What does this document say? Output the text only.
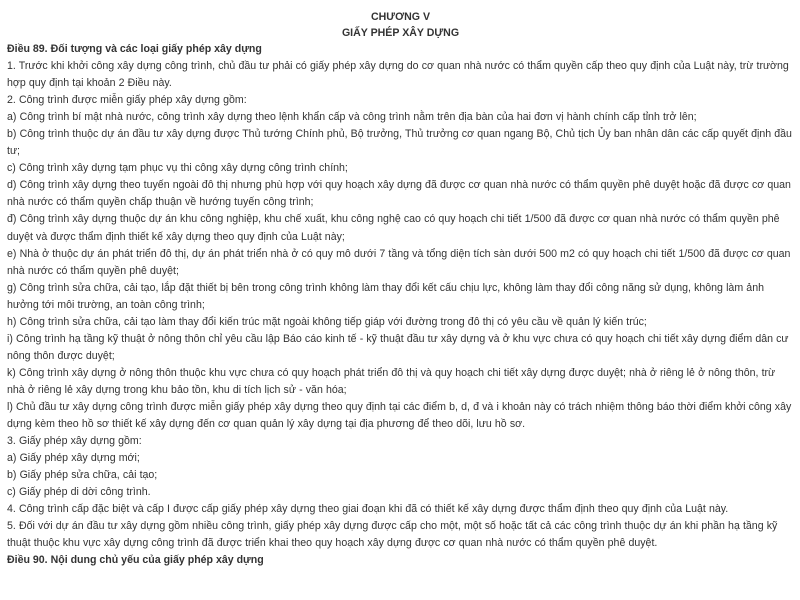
CHƯƠNG V
GIẤY PHÉP XÂY DỰNG
Điều 89. Đối tượng và các loại giấy phép xây dựng

1. Trước khi khởi công xây dựng công trình, chủ đầu tư phải có giấy phép xây dựng do cơ quan nhà nước có thẩm quyền cấp theo quy định của Luật này, trừ trường hợp quy định tại khoản 2 Điều này.

2. Công trình được miễn giấy phép xây dựng gồm:

a) Công trình bí mật nhà nước, công trình xây dựng theo lệnh khẩn cấp và công trình nằm trên địa bàn của hai đơn vị hành chính cấp tỉnh trở lên;

b) Công trình thuộc dự án đầu tư xây dựng được Thủ tướng Chính phủ, Bộ trưởng, Thủ trưởng cơ quan ngang Bộ, Chủ tịch Ủy ban nhân dân các cấp quyết định đầu tư;

c) Công trình xây dựng tạm phục vụ thi công xây dựng công trình chính;

d) Công trình xây dựng theo tuyến ngoài đô thị nhưng phù hợp với quy hoạch xây dựng đã được cơ quan nhà nước có thẩm quyền phê duyệt hoặc đã được cơ quan nhà nước có thẩm quyền chấp thuận về hướng tuyến công trình;

đ) Công trình xây dựng thuộc dự án khu công nghiệp, khu chế xuất, khu công nghệ cao có quy hoạch chi tiết 1/500 đã được cơ quan nhà nước có thẩm quyền phê duyệt và được thẩm định thiết kế xây dựng theo quy định của Luật này;

e) Nhà ở thuộc dự án phát triển đô thị, dự án phát triển nhà ở có quy mô dưới 7 tầng và tổng diện tích sàn dưới 500 m2 có quy hoạch chi tiết 1/500 đã được cơ quan nhà nước có thẩm quyền phê duyệt;

g) Công trình sửa chữa, cải tạo, lắp đặt thiết bị bên trong công trình không làm thay đổi kết cấu chịu lực, không làm thay đổi công năng sử dụng, không làm ảnh hưởng tới môi trường, an toàn công trình;

h) Công trình sửa chữa, cải tạo làm thay đổi kiến trúc mặt ngoài không tiếp giáp với đường trong đô thị có yêu cầu về quản lý kiến trúc;

i) Công trình hạ tầng kỹ thuật ở nông thôn chỉ yêu cầu lập Báo cáo kinh tế - kỹ thuật đầu tư xây dựng và ở khu vực chưa có quy hoạch chi tiết xây dựng điểm dân cư nông thôn được duyệt;

k) Công trình xây dựng ở nông thôn thuộc khu vực chưa có quy hoạch phát triển đô thị và quy hoạch chi tiết xây dựng được duyệt; nhà ở riêng lẻ ở nông thôn, trừ nhà ở riêng lẻ xây dựng trong khu bảo tồn, khu di tích lịch sử - văn hóa;

l) Chủ đầu tư xây dựng công trình được miễn giấy phép xây dựng theo quy định tại các điểm b, d, đ và i khoản này có trách nhiệm thông báo thời điểm khởi công xây dựng kèm theo hồ sơ thiết kế xây dựng đến cơ quan quản lý xây dựng tại địa phương để theo dõi, lưu hồ sơ.

3. Giấy phép xây dựng gồm:

a) Giấy phép xây dựng mới;

b) Giấy phép sửa chữa, cải tạo;

c) Giấy phép di dời công trình.

4. Công trình cấp đặc biệt và cấp I được cấp giấy phép xây dựng theo giai đoạn khi đã có thiết kế xây dựng được thẩm định theo quy định của Luật này.

5. Đối với dự án đầu tư xây dựng gồm nhiều công trình, giấy phép xây dựng được cấp cho một, một số hoặc tất cả các công trình thuộc dự án khi phần hạ tầng kỹ thuật thuộc khu vực xây dựng công trình đã được triển khai theo quy hoạch xây dựng được cơ quan nhà nước có thẩm quyền phê duyệt.

Điều 90. Nội dung chủ yếu của giấy phép xây dựng
